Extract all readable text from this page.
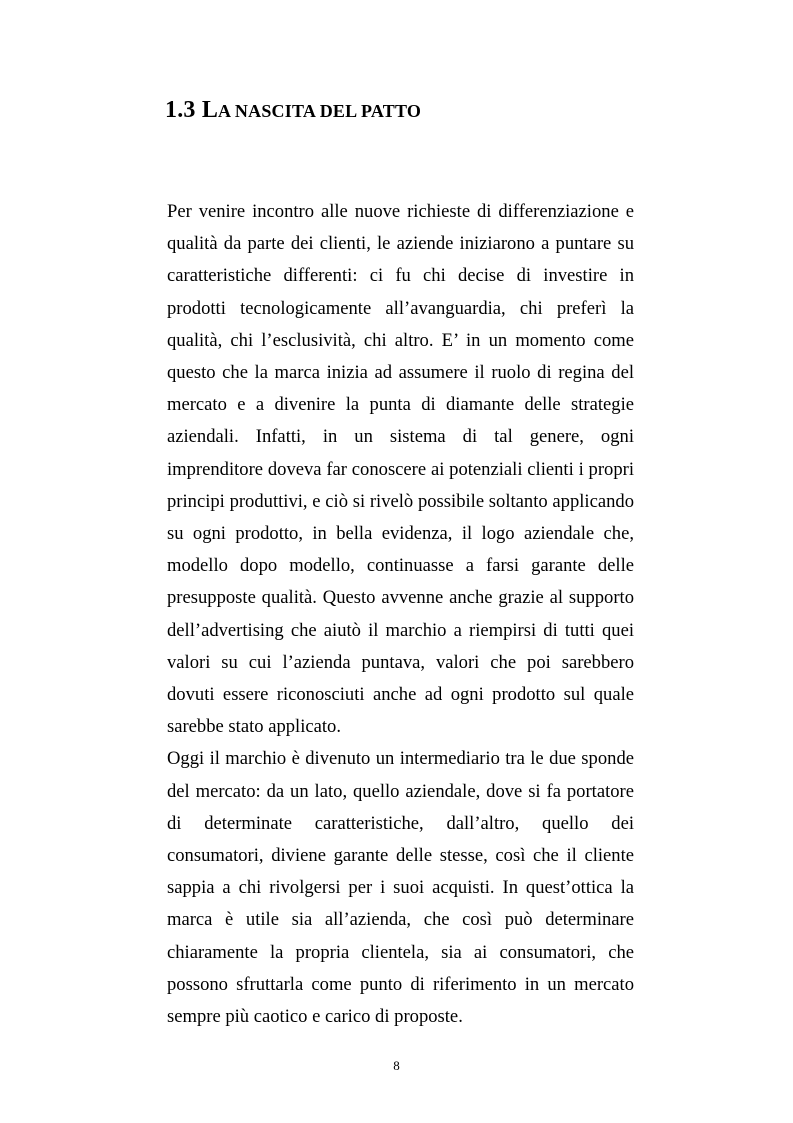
1.3 LA NASCITA DEL PATTO

Per venire incontro alle nuove richieste di differenziazione e qualità da parte dei clienti, le aziende iniziarono a puntare su caratteristiche differenti: ci fu chi decise di investire in prodotti tecnologicamente all’avanguardia, chi preferì la qualità, chi l’esclusività, chi altro. E’ in un momento come questo che la marca inizia ad assumere il ruolo di regina del mercato e a divenire la punta di diamante delle strategie aziendali. Infatti, in un sistema di tal genere, ogni imprenditore doveva far conoscere ai potenziali clienti i propri principi produttivi, e ciò si rivelò possibile soltanto applicando su ogni prodotto, in bella evidenza, il logo aziendale che, modello dopo modello, continuasse a farsi garante delle presupposte qualità. Questo avvenne anche grazie al supporto dell’advertising che aiutò il marchio a riempirsi di tutti quei valori su cui l’azienda puntava, valori che poi sarebbero dovuti essere riconosciuti anche ad ogni prodotto sul quale sarebbe stato applicato.

Oggi il marchio è divenuto un intermediario tra le due sponde del mercato: da un lato, quello aziendale, dove si fa portatore di determinate caratteristiche, dall’altro, quello dei consumatori, diviene garante delle stesse, così che il cliente sappia a chi rivolgersi per i suoi acquisti. In quest’ottica la marca è utile sia all’azienda, che così può determinare chiaramente la propria clientela, sia ai consumatori, che possono sfruttarla come punto di riferimento in un mercato sempre più caotico e carico di proposte.

8
